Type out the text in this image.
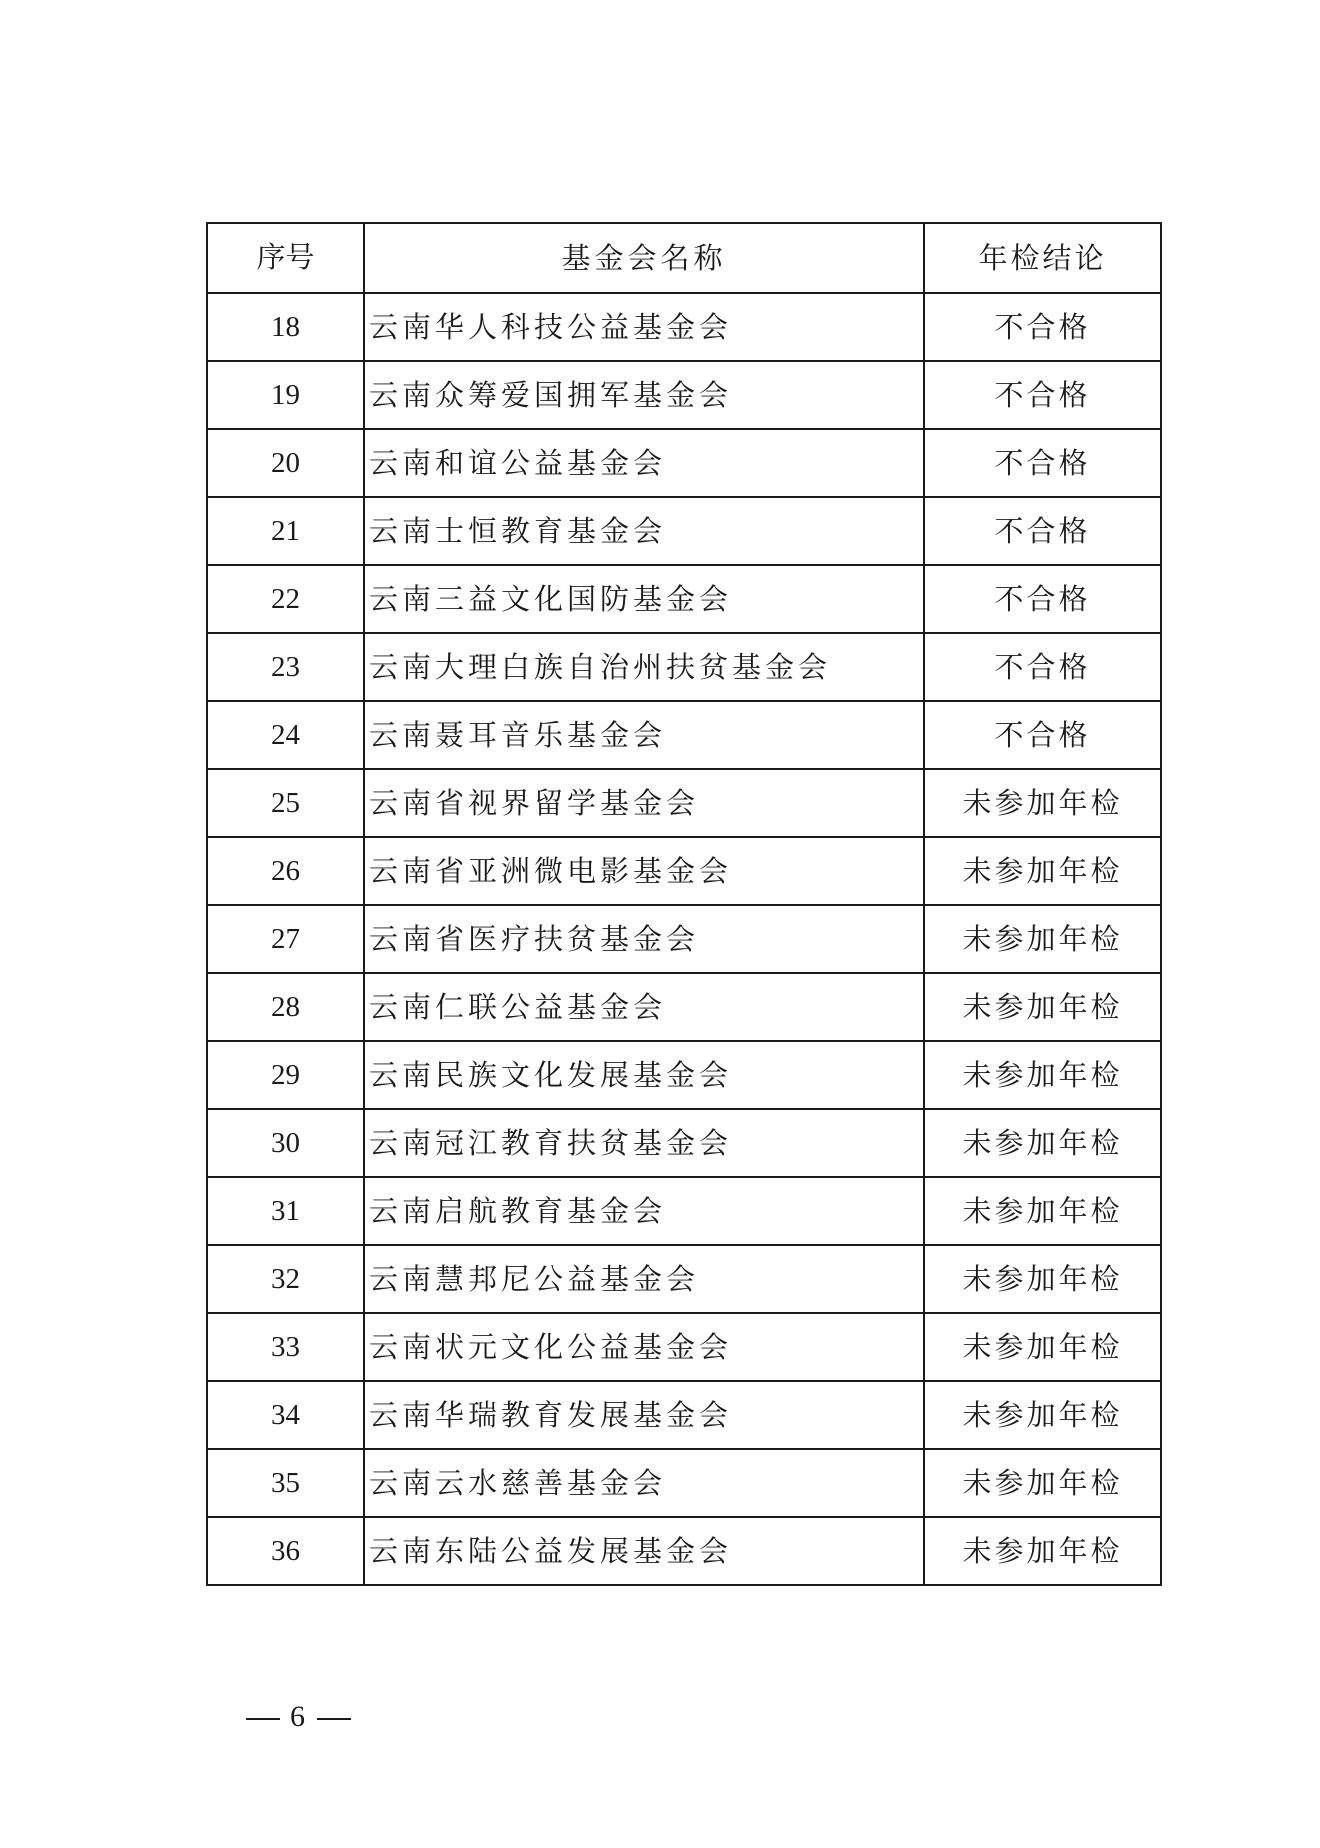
序号	基金会名称	年检结论
18	云南华人科技公益基金会	不合格
19	云南众筹爱国拥军基金会	不合格
20	云南和谊公益基金会	不合格
21	云南士恒教育基金会	不合格
22	云南三益文化国防基金会	不合格
23	云南大理白族自治州扶贫基金会	不合格
24	云南聂耳音乐基金会	不合格
25	云南省视界留学基金会	未参加年检
26	云南省亚洲微电影基金会	未参加年检
27	云南省医疗扶贫基金会	未参加年检
28	云南仁联公益基金会	未参加年检
29	云南民族文化发展基金会	未参加年检
30	云南冠江教育扶贫基金会	未参加年检
31	云南启航教育基金会	未参加年检
32	云南慧邦尼公益基金会	未参加年检
33	云南状元文化公益基金会	未参加年检
34	云南华瑞教育发展基金会	未参加年检
35	云南云水慈善基金会	未参加年检
36	云南东陆公益发展基金会	未参加年检
6
